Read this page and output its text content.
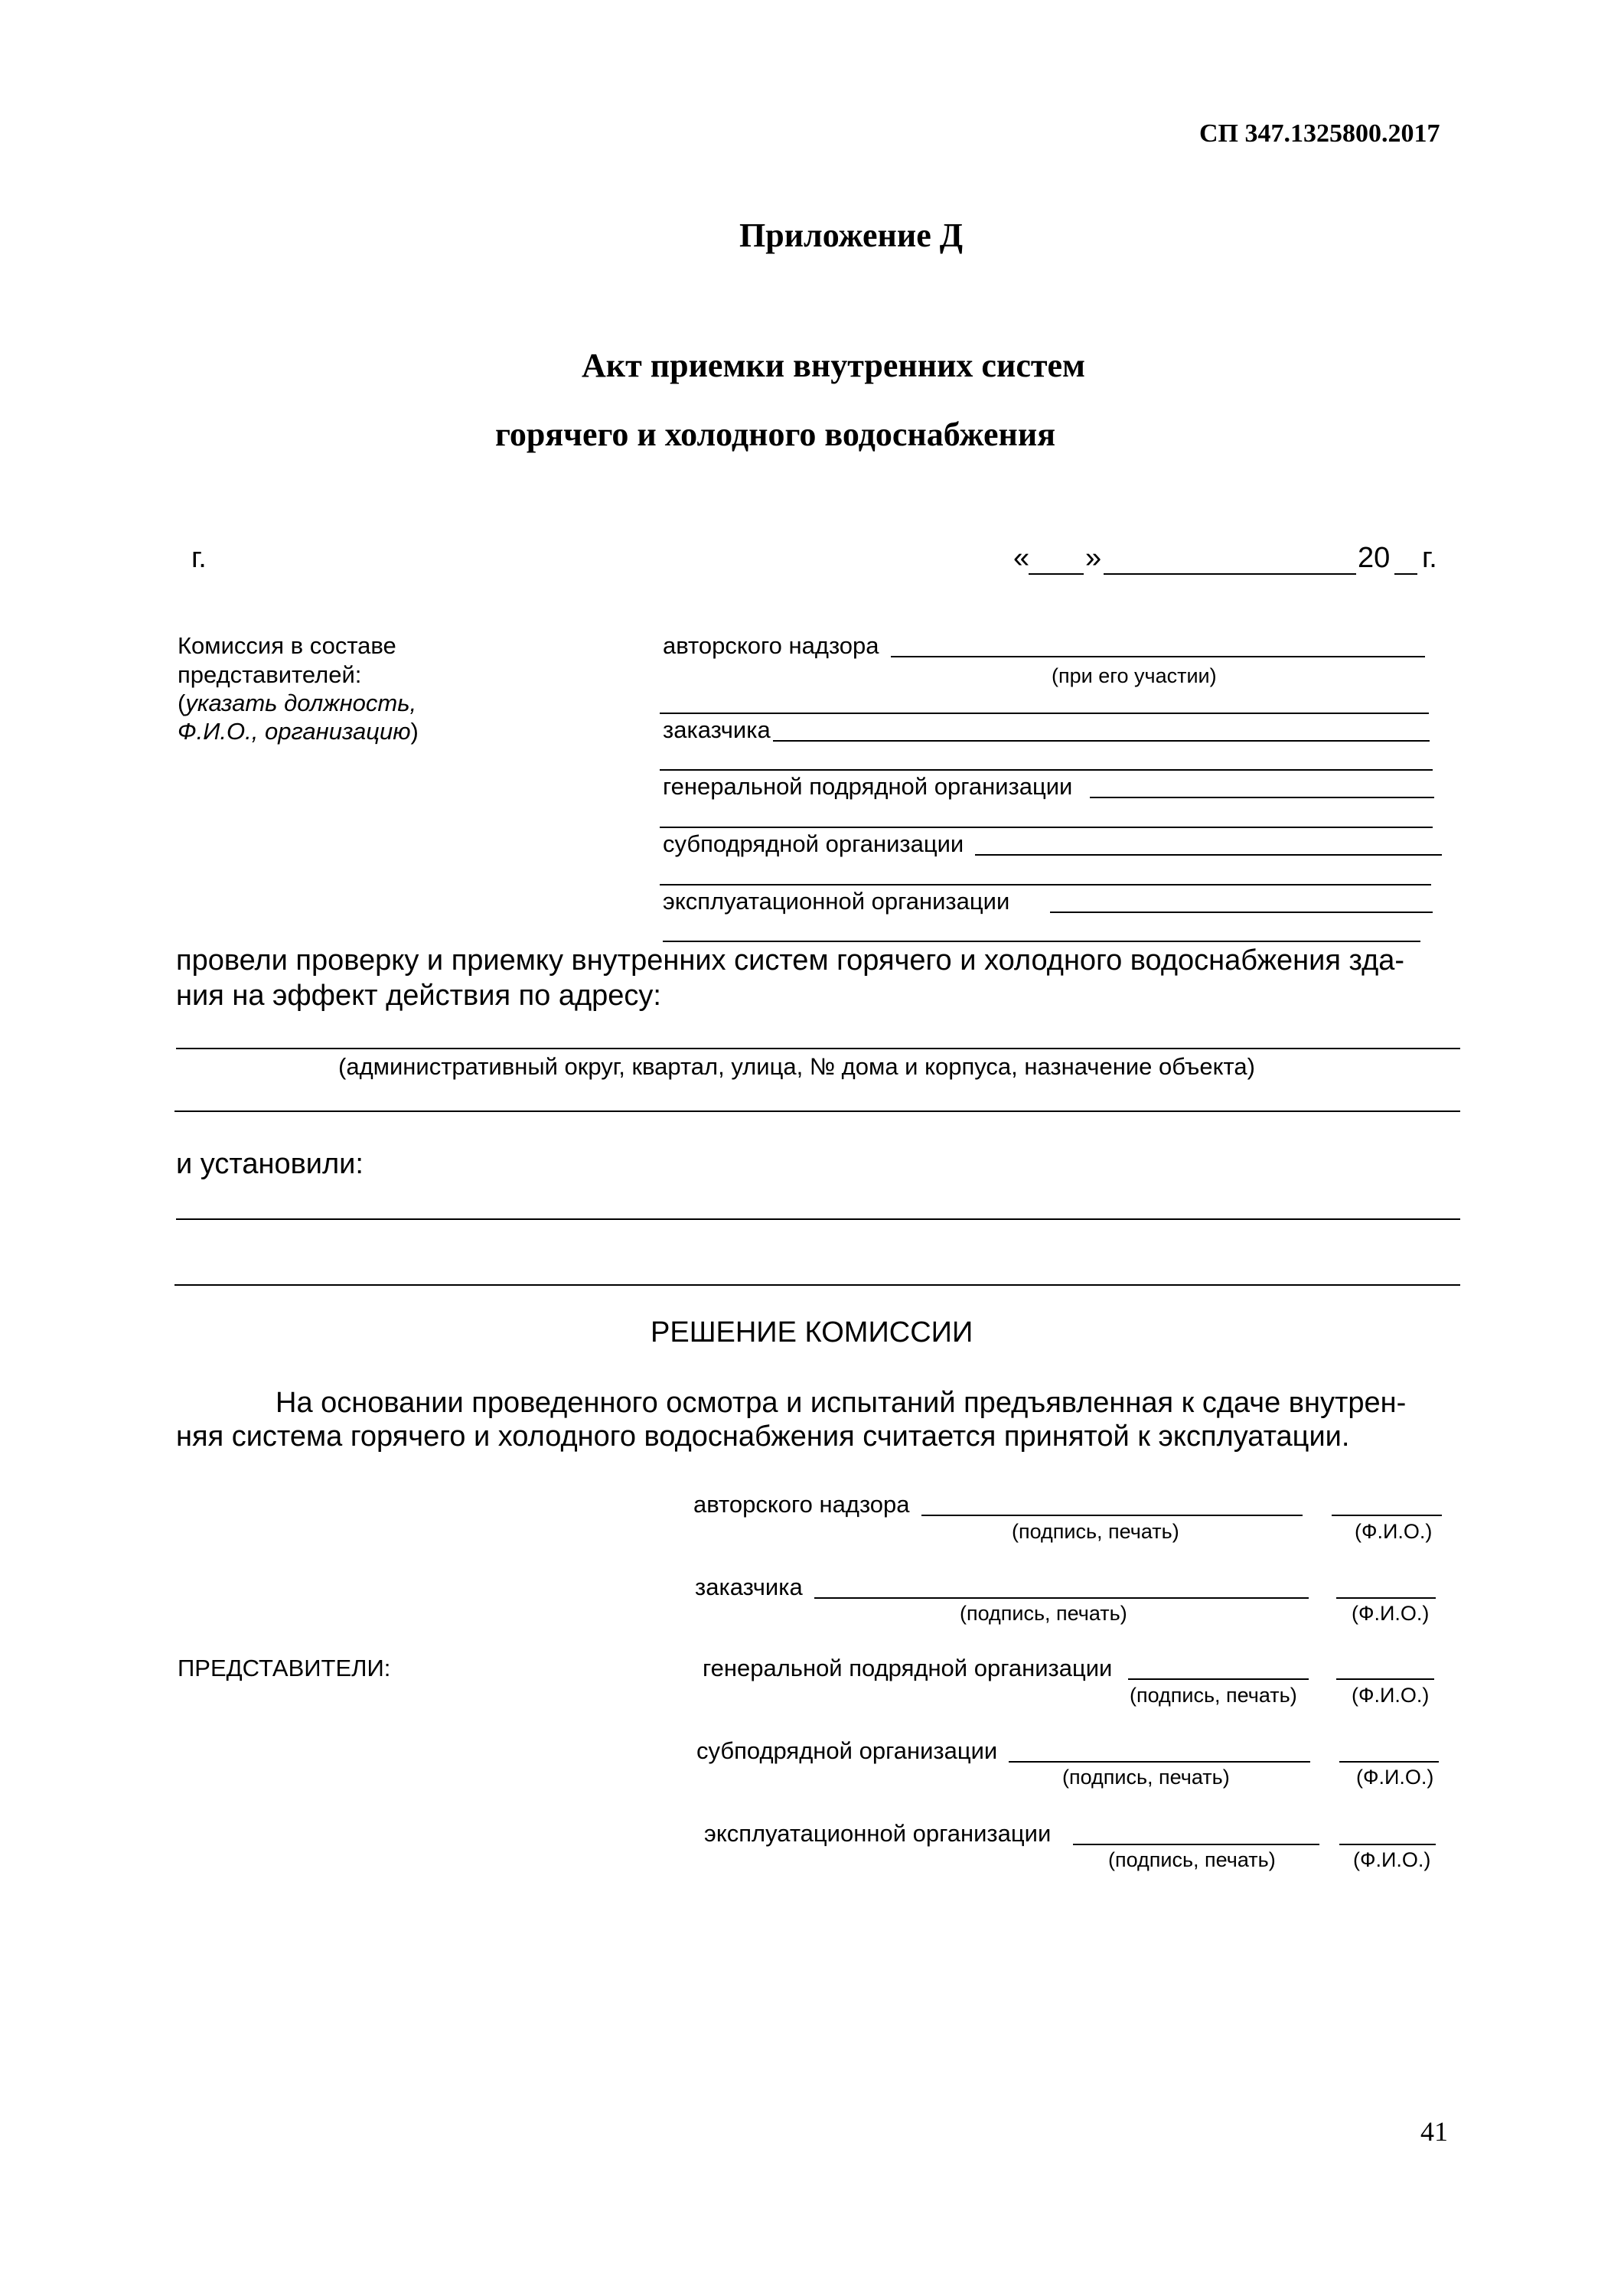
СП 347.1325800.2017
Приложение Д
Акт приемки внутренних систем
горячего и холодного водоснабжения
г.	« »	20 г.
Комиссия в составе
представителей:
(указать должность,
Ф.И.О., организацию)
авторского надзора
(при его участии)
заказчика
генеральной подрядной организации
субподрядной организации
эксплуатационной организации
провели проверку и приемку внутренних систем горячего и холодного водоснабжения зда-
ния на эффект действия по адресу:
(административный округ, квартал, улица, № дома и корпуса, назначение объекта)
и установили:
РЕШЕНИЕ КОМИССИИ
На основании проведенного осмотра и испытаний предъявленная к сдаче внутрен-
няя система горячего и холодного водоснабжения считается принятой к эксплуатации.
ПРЕДСТАВИТЕЛИ:
авторского надзора
(подпись, печать)	(Ф.И.О.)
заказчика
(подпись, печать)	(Ф.И.О.)
генеральной подрядной организации
(подпись, печать)	(Ф.И.О.)
субподрядной организации
(подпись, печать)	(Ф.И.О.)
эксплуатационной организации
(подпись, печать)	(Ф.И.О.)
41
